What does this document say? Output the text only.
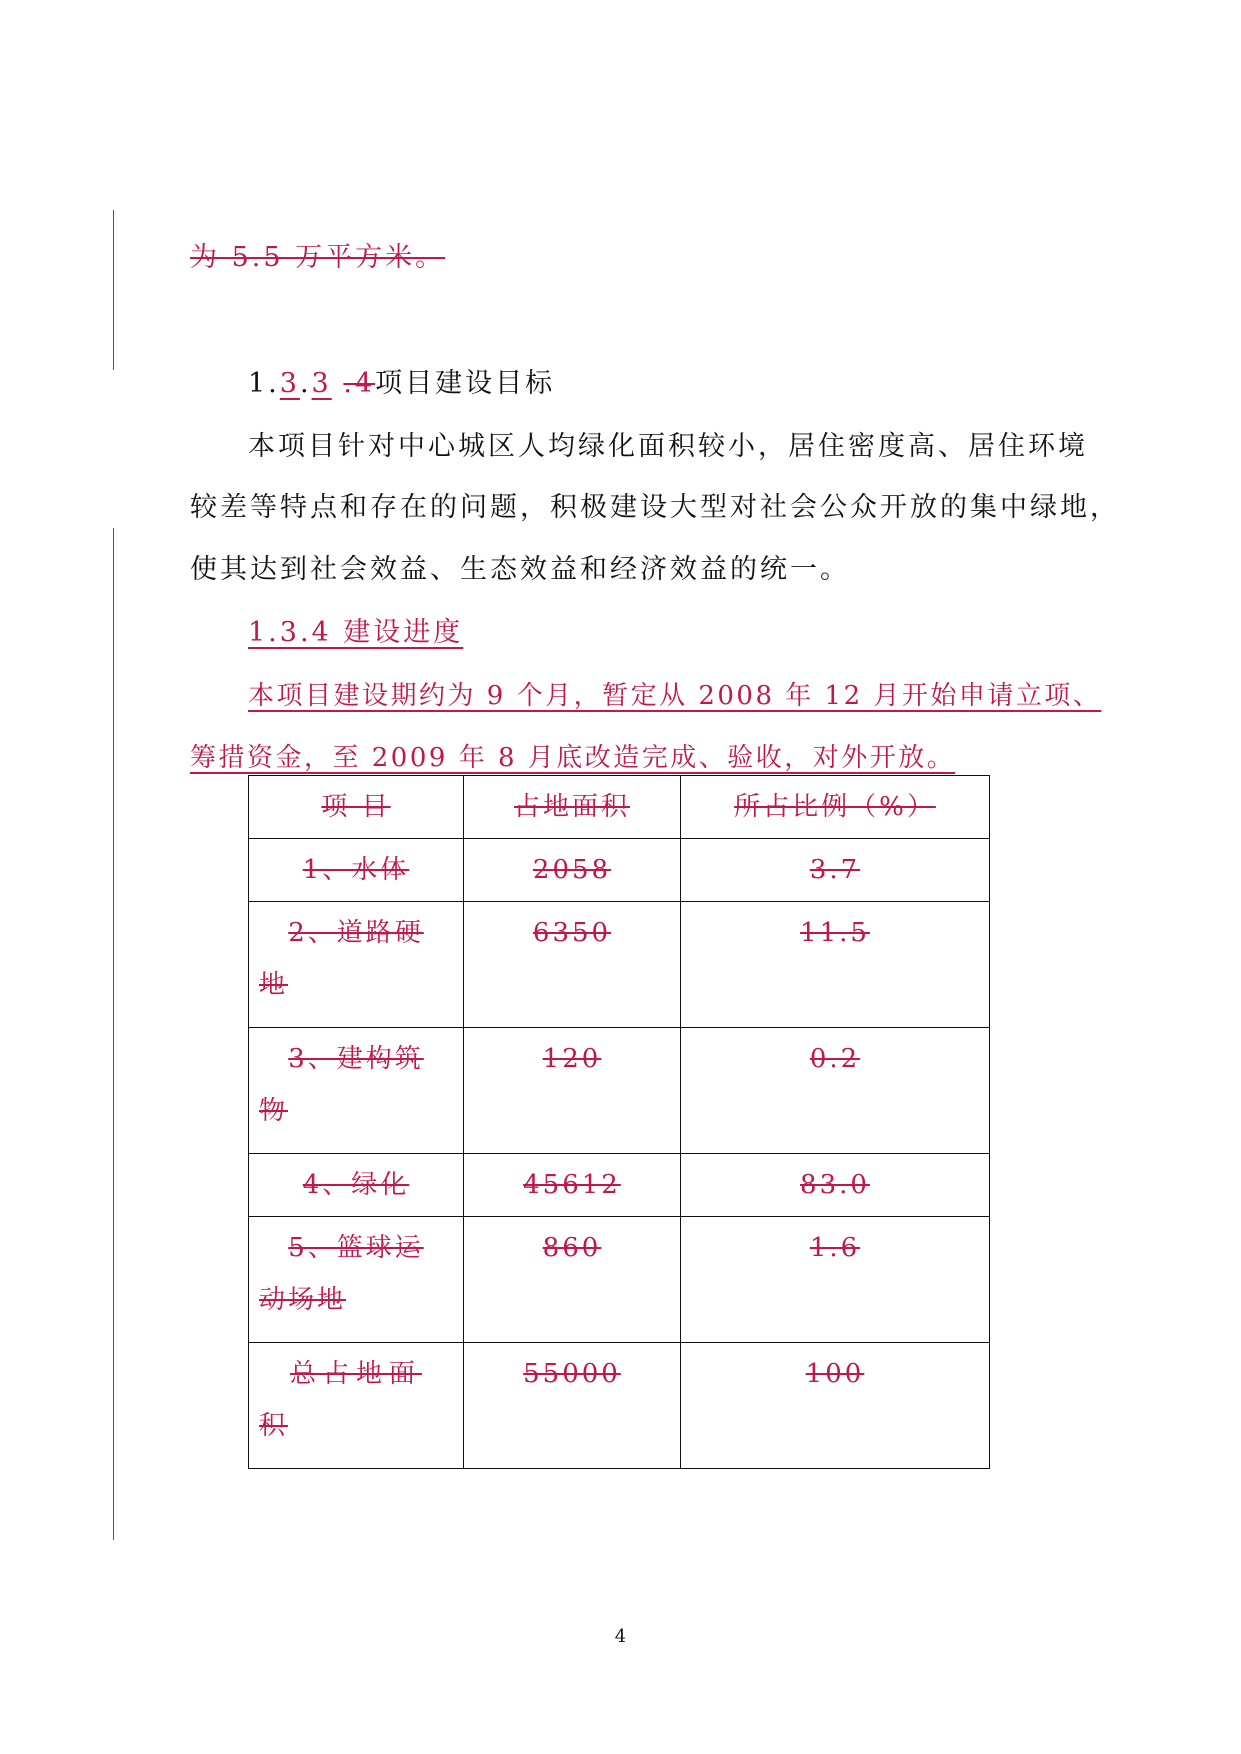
为 5.5 万平方米。
1.3.3 .4项目建设目标
本项目针对中心城区人均绿化面积较小，居住密度高、居住环境
较差等特点和存在的问题，积极建设大型对社会公众开放的集中绿地，
使其达到社会效益、生态效益和经济效益的统一。
1.3.4 建设进度
本项目建设期约为 9 个月，暂定从 2008 年 12 月开始申请立项、
筹措资金，至 2009 年 8 月底改造完成、验收，对外开放。
项 目	占地面积	所占比例（%）

1、水体	2058	3.7

2、道路硬
地	6350	11.5

3、建构筑
物	120	0.2

4、绿化	45612	83.0

5、篮球运
动场地	860	1.6

总占地面
积	55000	100
4
